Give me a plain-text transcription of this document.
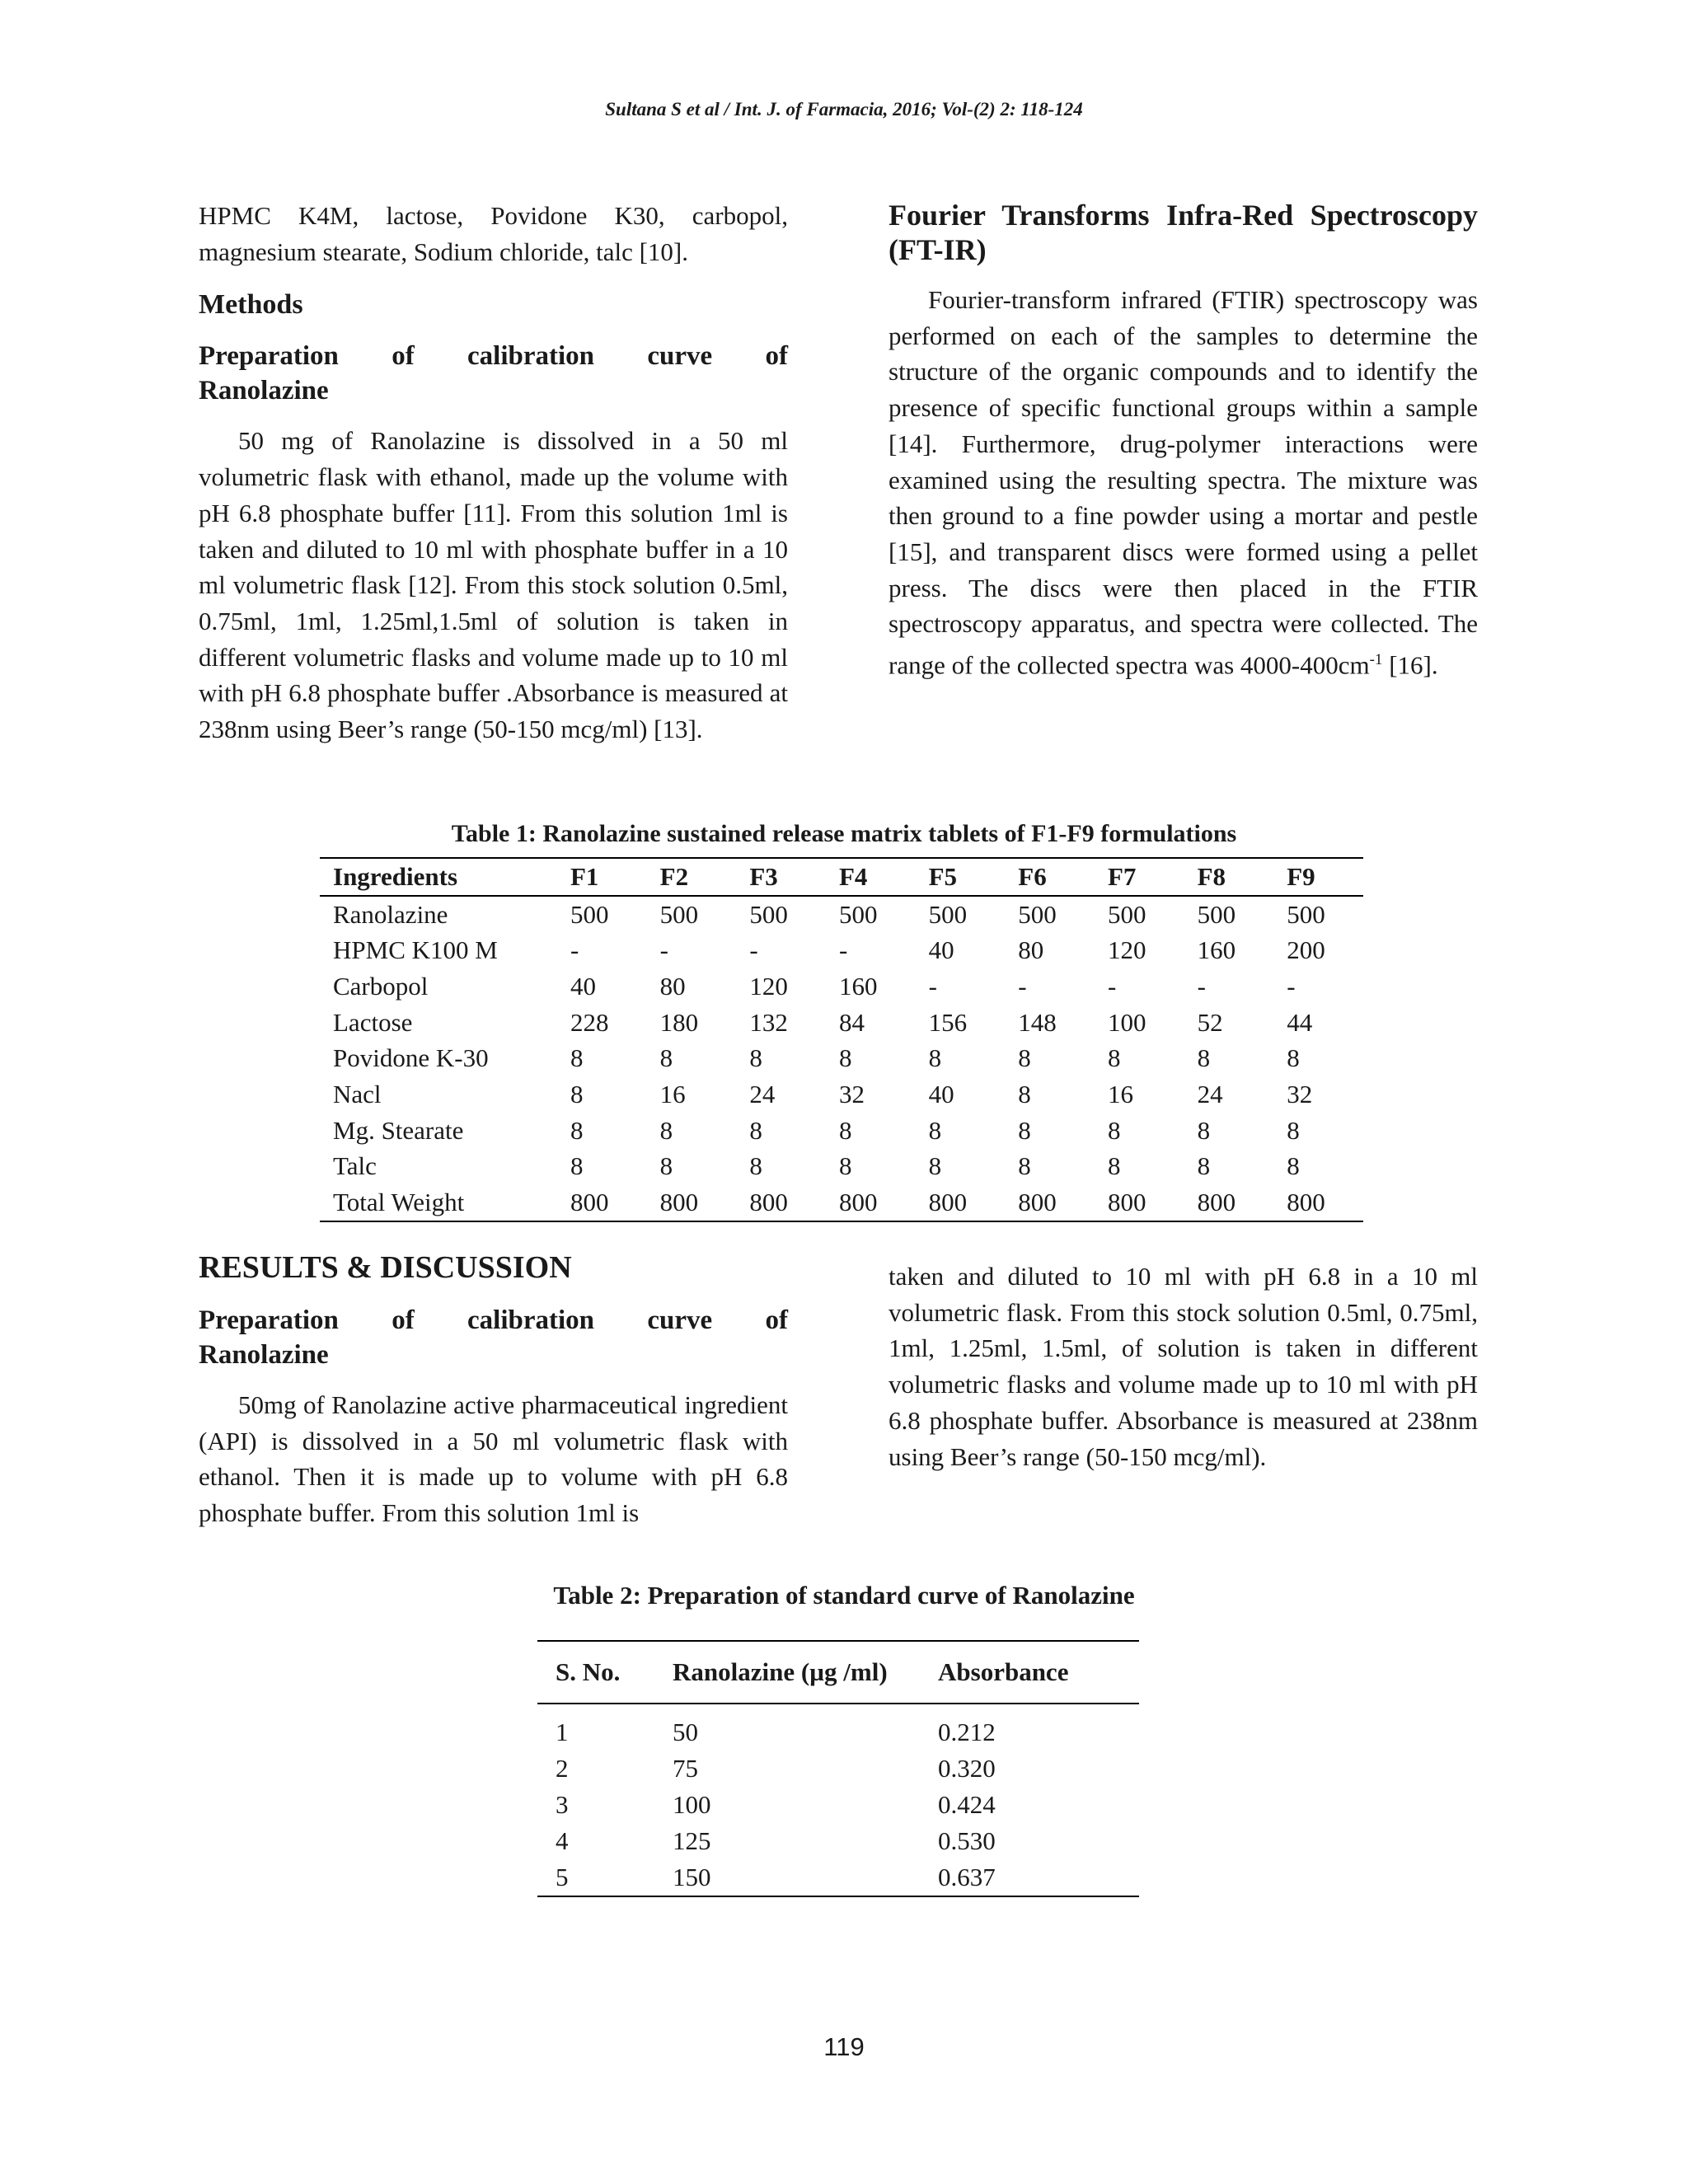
Sultana S et al / Int. J. of Farmacia, 2016; Vol-(2) 2: 118-124

HPMC K4M, lactose, Povidone K30, carbopol, magnesium stearate, Sodium chloride, talc [10].

Methods
Preparation of calibration curve of
Ranolazine

50 mg of Ranolazine is dissolved in a 50 ml volumetric flask with ethanol, made up the volume with pH 6.8 phosphate buffer [11]. From this solution 1ml is taken and diluted to 10 ml with phosphate buffer in a 10 ml volumetric flask [12]. From this stock solution 0.5ml, 0.75ml, 1ml, 1.25ml,1.5ml of solution is taken in different volumetric flasks and volume made up to 10 ml with pH 6.8 phosphate buffer .Absorbance is measured at 238nm using Beer’s range (50-150 mcg/ml) [13].

Fourier Transforms Infra-Red Spectroscopy (FT-IR)

Fourier-transform infrared (FTIR) spectroscopy was performed on each of the samples to determine the structure of the organic compounds and to identify the presence of specific functional groups within a sample [14]. Furthermore, drug-polymer interactions were examined using the resulting spectra. The mixture was then ground to a fine powder using a mortar and pestle [15], and transparent discs were formed using a pellet press. The discs were then placed in the FTIR spectroscopy apparatus, and spectra were collected. The range of the collected spectra was $4000-400cm^{-1}$ [16].

Table 1: Ranolazine sustained release matrix tablets of F1-F9 formulations
Ingredients	F1	F2	F3	F4	F5	F6	F7	F8	F9
Ranolazine	500	500	500	500	500	500	500	500	500
HPMC K100 M	-	-	-	-	40	80	120	160	200
Carbopol	40	80	120	160	-	-	-	-	-
Lactose	228	180	132	84	156	148	100	52	44
Povidone K-30	8	8	8	8	8	8	8	8	8
Nacl	8	16	24	32	40	8	16	24	32
Mg. Stearate	8	8	8	8	8	8	8	8	8
Talc	8	8	8	8	8	8	8	8	8
Total Weight	800	800	800	800	800	800	800	800	800
RESULTS & DISCUSSION
Preparation of calibration curve of
Ranolazine

50mg of Ranolazine active pharmaceutical ingredient (API) is dissolved in a 50 ml volumetric flask with ethanol. Then it is made up to volume with pH 6.8 phosphate buffer. From this solution 1ml is

taken and diluted to 10 ml with pH 6.8 in a 10 ml volumetric flask. From this stock solution 0.5ml, 0.75ml, 1ml, 1.25ml, 1.5ml, of solution is taken in different volumetric flasks and volume made up to 10 ml with pH 6.8 phosphate buffer. Absorbance is measured at 238nm using Beer’s range (50-150 mcg/ml).

Table 2: Preparation of standard curve of Ranolazine
S. No.	Ranolazine (µg /ml)	Absorbance
1	50	0.212
2	75	0.320
3	100	0.424
4	125	0.530
5	150	0.637
119
